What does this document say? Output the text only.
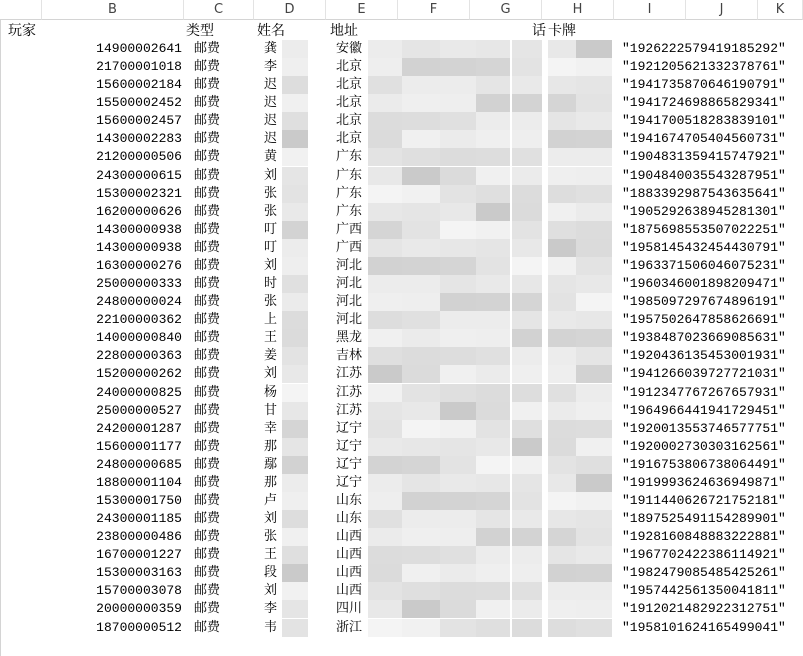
B	C	D	E	F	G	H	I	J	K
玩家	类型	姓名	地址	话 卡牌
14900002641 邮费	龚	安徽	"1926222579419185292"
21700001018 邮费	李	北京	"1921205621332378761"
15600002184 邮费	迟	北京	"1941735870646190791"
15500002452 邮费	迟	北京	"1941724698865829341"
15600002457 邮费	迟	北京	"1941700518283839101"
14300002283 邮费	迟	北京	"1941674705404560731"
21200000506 邮费	黄	广东	"1904831359415747921"
24300000615 邮费	刘	广东	"1904840035543287951"
15300002321 邮费	张	广东	"1883392987543635641"
16200000626 邮费	张	广东	"1905292638945281301"
14300000938 邮费	叮	广西	"1875698553507022251"
14300000938 邮费	叮	广西	"1958145432454430791"
16300000276 邮费	刘	河北	"1963371506046075231"
25000000333 邮费	时	河北	"1960346001898209471"
24800000024 邮费	张	河北	"1985097297674896191"
22100000362 邮费	上	河北	"1957502647858626691"
14000000840 邮费	王	黑龙	"1938487023669085631"
22800000363 邮费	姜	吉林	"1920436135453001931"
15200000262 邮费	刘	江苏	"1941266039727721031"
24000000825 邮费	杨	江苏	"1912347767267657931"
25000000527 邮费	甘	江苏	"1964966441941729451"
24200001287 邮费	幸	辽宁	"1920013553746577751"
15600001177 邮费	那	辽宁	"1920002730303162561"
24800000685 邮费	鄢	辽宁	"1916753806738064491"
18800001104 邮费	那	辽宁	"1919993624636949871"
15300001750 邮费	卢	山东	"1911440626721752181"
24300001185 邮费	刘	山东	"1897525491154289901"
23800000486 邮费	张	山西	"1928160848883222881"
16700001227 邮费	王	山西	"1967702422386114921"
15300003163 邮费	段	山西	"1982479085485425261"
15700003078 邮费	刘	山西	"1957442561350041811"
20000000359 邮费	李	四川	"1912021482922312751"
18700000512 邮费	韦	浙江	"1958101624165499041"
